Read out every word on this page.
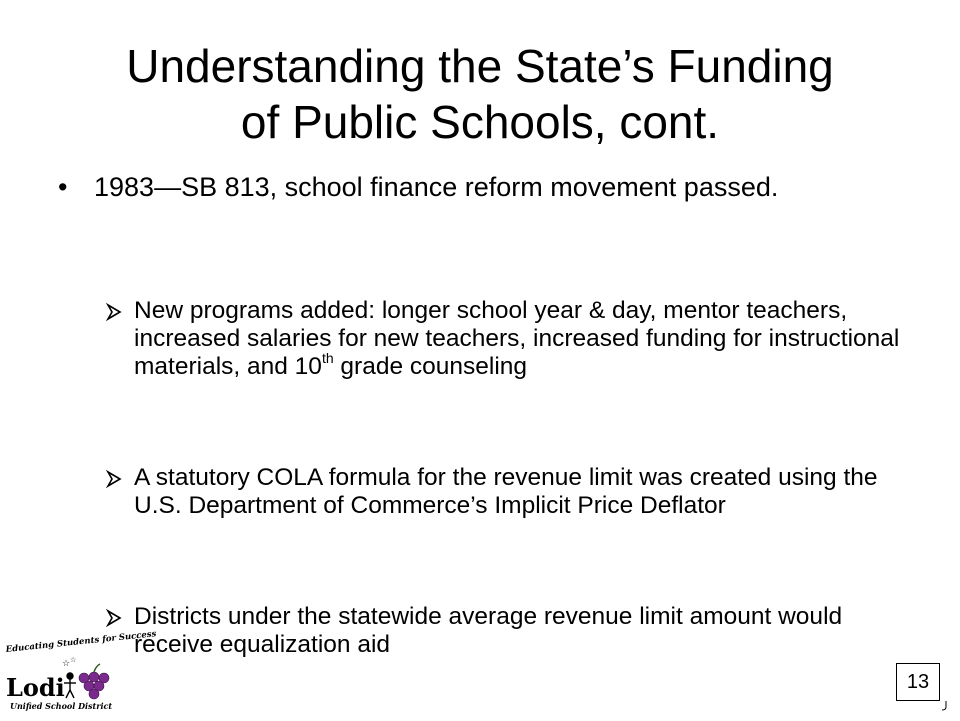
Understanding the State’s Funding
of Public Schools, cont.
• 1983—SB 813, school finance reform movement passed.
New programs added: longer school year & day, mentor teachers, increased salaries for new teachers, increased funding for instructional materials, and 10th grade counseling
A statutory COLA formula for the revenue limit was created using the U.S. Department of Commerce’s Implicit Price Deflator
Districts under the statewide average revenue limit amount would receive equalization aid
Educating Students for Success
☆ ☆
Lodi
Unified School District
13
